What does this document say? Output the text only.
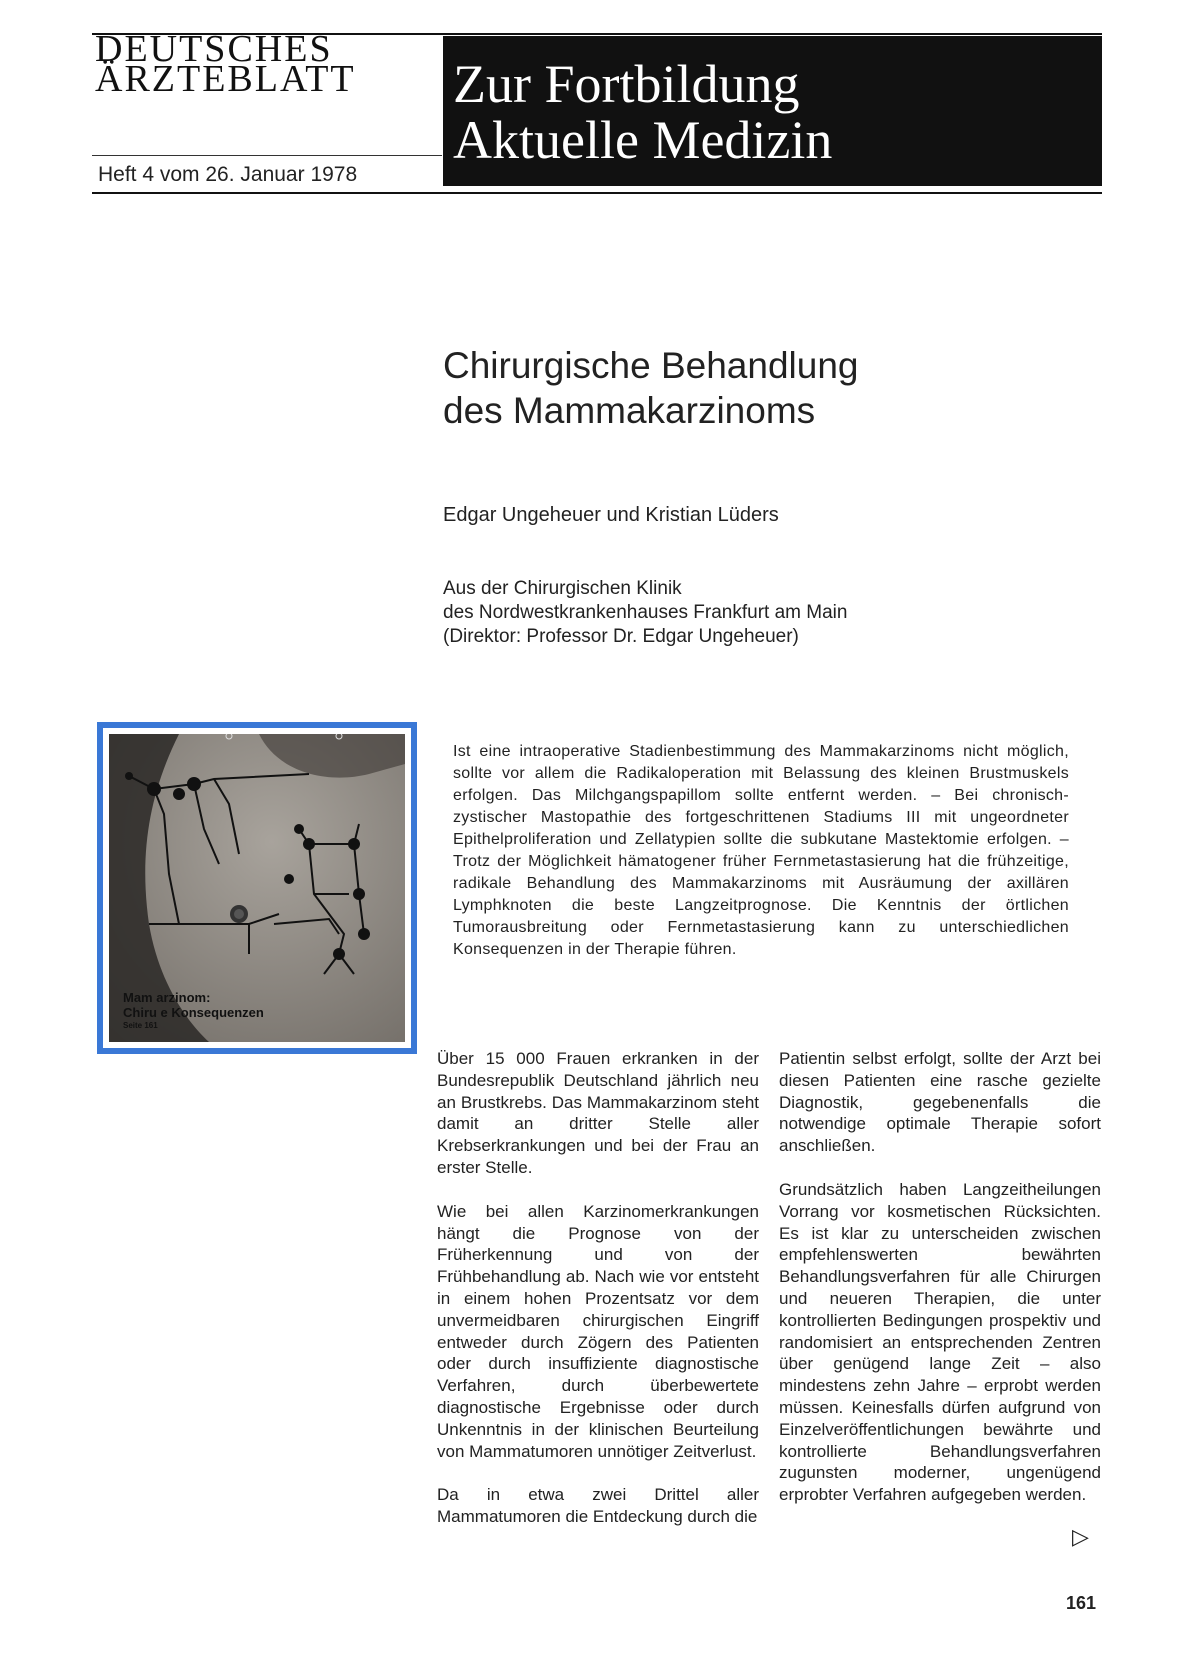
DEUTSCHES
ÄRZTEBLATT
Heft 4 vom 26. Januar 1978
Zur Fortbildung
Aktuelle Medizin
Chirurgische Behandlung
des Mammakarzinoms
Edgar Ungeheuer und Kristian Lüders
Aus der Chirurgischen Klinik
des Nordwestkrankenhauses Frankfurt am Main
(Direktor: Professor Dr. Edgar Ungeheuer)
Mam arzinom:
Chiru e Konsequenzen
Seite 161
Ist eine intraoperative Stadienbestimmung des Mammakarzinoms nicht möglich, sollte vor allem die Radikaloperation mit Belassung des kleinen Brustmuskels erfolgen. Das Milchgangspapillom sollte entfernt werden. – Bei chronisch-zystischer Mastopathie des fortgeschrittenen Stadiums III mit ungeordneter Epithelproliferation und Zellatypien sollte die subkutane Mastektomie erfolgen. – Trotz der Möglichkeit hämatogener früher Fernmetastasierung hat die frühzeitige, radikale Behandlung des Mammakarzinoms mit Ausräumung der axillären Lymphknoten die beste Langzeitprognose. Die Kenntnis der örtlichen Tumorausbreitung oder Fernmetastasierung kann zu unterschiedlichen Konsequenzen in der Therapie führen.

Über 15 000 Frauen erkranken in der Bundesrepublik Deutschland jährlich neu an Brustkrebs. Das Mammakarzinom steht damit an dritter Stelle aller Krebserkrankungen und bei der Frau an erster Stelle.

Wie bei allen Karzinomerkrankungen hängt die Prognose von der Früherkennung und von der Frühbehandlung ab. Nach wie vor entsteht in einem hohen Prozentsatz vor dem unvermeidbaren chirurgischen Eingriff entweder durch Zögern des Patienten oder durch insuffiziente diagnostische Verfahren, durch überbewertete diagnostische Ergebnisse oder durch Unkenntnis in der klinischen Beurteilung von Mammatumoren unnötiger Zeitverlust.

Da in etwa zwei Drittel aller Mammatumoren die Entdeckung durch die

Patientin selbst erfolgt, sollte der Arzt bei diesen Patienten eine rasche gezielte Diagnostik, gegebenenfalls die notwendige optimale Therapie sofort anschließen.

Grundsätzlich haben Langzeitheilungen Vorrang vor kosmetischen Rücksichten. Es ist klar zu unterscheiden zwischen empfehlenswerten bewährten Behandlungsverfahren für alle Chirurgen und neueren Therapien, die unter kontrollierten Bedingungen prospektiv und randomisiert an entsprechenden Zentren über genügend lange Zeit – also mindestens zehn Jahre – erprobt werden müssen. Keinesfalls dürfen aufgrund von Einzelveröffentlichungen bewährte und kontrollierte Behandlungsverfahren zugunsten moderner, ungenügend erprobter Verfahren aufgegeben werden.

▷
161
